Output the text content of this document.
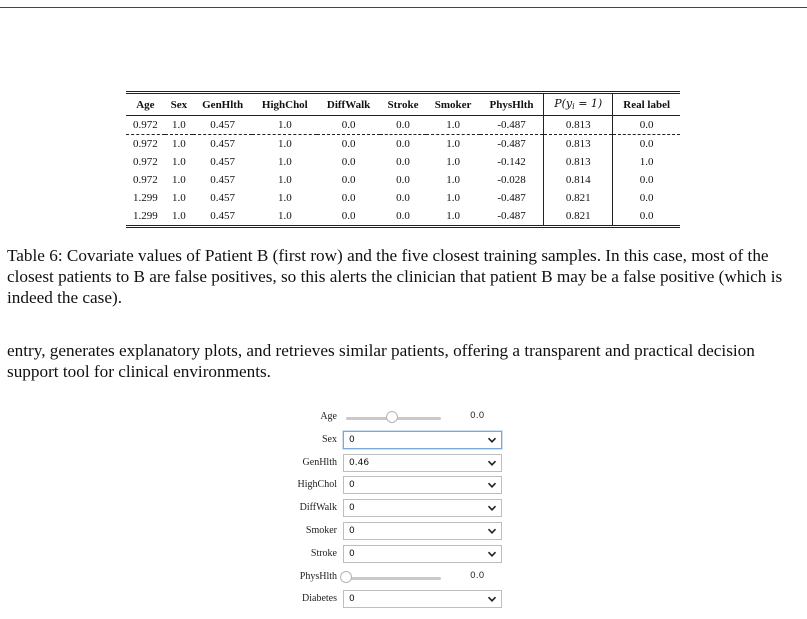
Age	Sex	GenHlth	HighChol	DiffWalk	Stroke	Smoker	PhysHlth	$P(y_i = 1)$	Real label
0.972	1.0	0.457	1.0	0.0	0.0	1.0	-0.487	0.813	0.0
0.972	1.0	0.457	1.0	0.0	0.0	1.0	-0.487	0.813	0.0
0.972	1.0	0.457	1.0	0.0	0.0	1.0	-0.142	0.813	1.0
0.972	1.0	0.457	1.0	0.0	0.0	1.0	-0.028	0.814	0.0
1.299	1.0	0.457	1.0	0.0	0.0	1.0	-0.487	0.821	0.0
1.299	1.0	0.457	1.0	0.0	0.0	1.0	-0.487	0.821	0.0
Table 6: Covariate values of Patient B (first row) and the five closest training samples. In this case, most of the closest patients to B are false positives, so this alerts the clinician that patient B may be a false positive (which is indeed the case).
entry, generates explanatory plots, and retrieves similar patients, offering a transparent and practical decision support tool for clinical environments.
Age	0.0
Sex	0
GenHlth	0.46
HighChol	0
DiffWalk	0
Smoker	0
Stroke	0
PhysHlth	0.0
Diabetes	0
